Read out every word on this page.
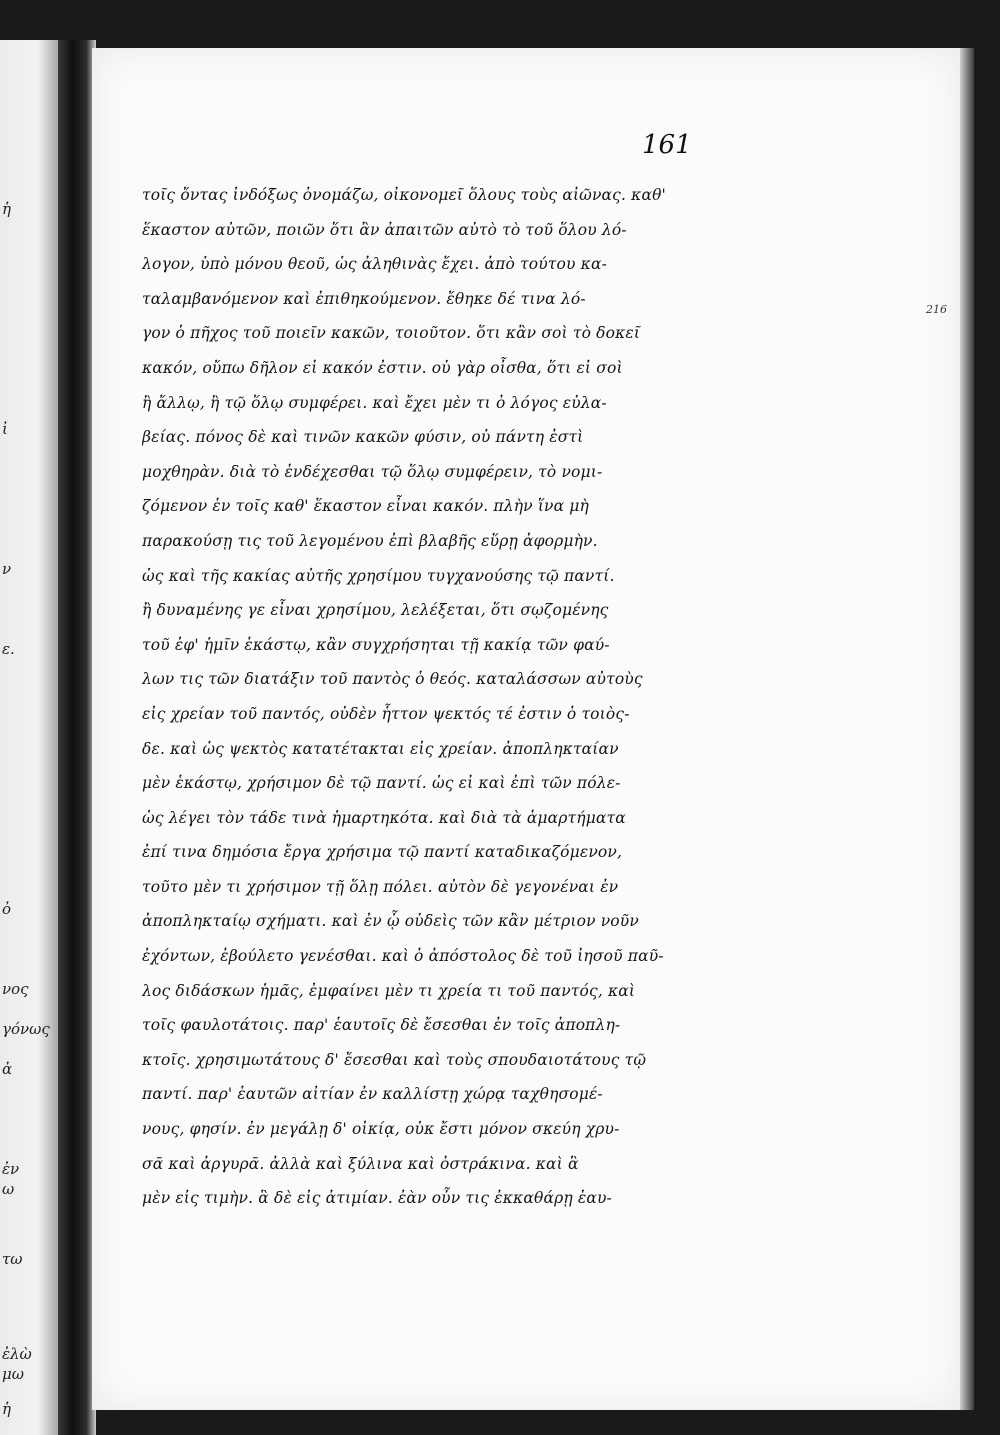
ἡ
ἰ
ν
ε.
ὀ
νος
γόνως
ἀ
ἐν
ω
τω
ἐλὼ
μω
ἡ
161
216
τοῖς ὄντας ἰνδόξως ὀνομάζω, οἰκονομεῖ ὅλους τοὺς αἰῶνας. καθ'
ἕκαστον αὐτῶν, ποιῶν ὅτι ἂν ἀπαιτῶν αὐτὸ τὸ τοῦ ὅλου λό-
λογον, ὑπὸ μόνου θεοῦ, ὡς ἀληθινὰς ἔχει. ἀπὸ τούτου κα-
ταλαμβανόμενον καὶ ἐπιθηκούμενον. ἔθηκε δέ τινα λό-
γον ὁ πῆχος τοῦ ποιεῖν κακῶν, τοιοῦτον. ὅτι κἂν σοὶ τὸ δοκεῖ
κακόν, οὔπω δῆλον εἰ κακόν ἐστιν. οὐ γὰρ οἶσθα, ὅτι εἰ σοὶ
ἢ ἄλλῳ, ἢ τῷ ὅλῳ συμφέρει. καὶ ἔχει μὲν τι ὁ λόγος εὐλα-
βείας. πόνος δὲ καὶ τινῶν κακῶν φύσιν, οὐ πάντη ἐστὶ
μοχθηρὰν. διὰ τὸ ἐνδέχεσθαι τῷ ὅλῳ συμφέρειν, τὸ νομι-
ζόμενον ἐν τοῖς καθ' ἕκαστον εἶναι κακόν. πλὴν ἵνα μὴ
παρακούσῃ τις τοῦ λεγομένου ἐπὶ βλαβῆς εὕρῃ ἀφορμὴν.
ὡς καὶ τῆς κακίας αὐτῆς χρησίμου τυγχανούσης τῷ παντί.
ἢ δυναμένης γε εἶναι χρησίμου, λελέξεται, ὅτι σῳζομένης
τοῦ ἐφ' ἡμῖν ἑκάστῳ, κἂν συγχρήσηται τῇ κακίᾳ τῶν φαύ-
λων τις τῶν διατάξιν τοῦ παντὸς ὁ θεός. καταλάσσων αὐτοὺς
εἰς χρείαν τοῦ παντός, οὐδὲν ἧττον ψεκτός τέ ἐστιν ὁ τοιὸς-
δε. καὶ ὡς ψεκτὸς κατατέτακται εἰς χρείαν. ἀποπληκταίαν
μὲν ἑκάστῳ, χρήσιμον δὲ τῷ παντί. ὡς εἰ καὶ ἐπὶ τῶν πόλε-
ὡς λέγει τὸν τάδε τινὰ ἡμαρτηκότα. καὶ διὰ τὰ ἁμαρτήματα
ἐπί τινα δημόσια ἔργα χρήσιμα τῷ παντί καταδικαζόμενον,
τοῦτο μὲν τι χρήσιμον τῇ ὅλῃ πόλει. αὐτὸν δὲ γεγονέναι ἐν
ἀποπληκταίῳ σχήματι. καὶ ἐν ᾧ οὐδεὶς τῶν κἂν μέτριον νοῦν
ἐχόντων, ἐβούλετο γενέσθαι. καὶ ὁ ἀπόστολος δὲ τοῦ ἰησοῦ παῦ-
λος διδάσκων ἡμᾶς, ἐμφαίνει μὲν τι χρεία τι τοῦ παντός, καὶ
τοῖς φαυλοτάτοις. παρ' ἑαυτοῖς δὲ ἔσεσθαι ἐν τοῖς ἀποπλη-
κτοῖς. χρησιμωτάτους δ' ἔσεσθαι καὶ τοὺς σπουδαιοτάτους τῷ
παντί. παρ' ἑαυτῶν αἰτίαν ἐν καλλίστῃ χώρᾳ ταχθησομέ-
νους, φησίν. ἐν μεγάλῃ δ' οἰκίᾳ, οὐκ ἔστι μόνον σκεύη χρυ-
σᾶ καὶ ἀργυρᾶ. ἀλλὰ καὶ ξύλινα καὶ ὀστράκινα. καὶ ἃ
μὲν εἰς τιμὴν. ἃ δὲ εἰς ἀτιμίαν. ἐὰν οὖν τις ἐκκαθάρῃ ἑαυ-
